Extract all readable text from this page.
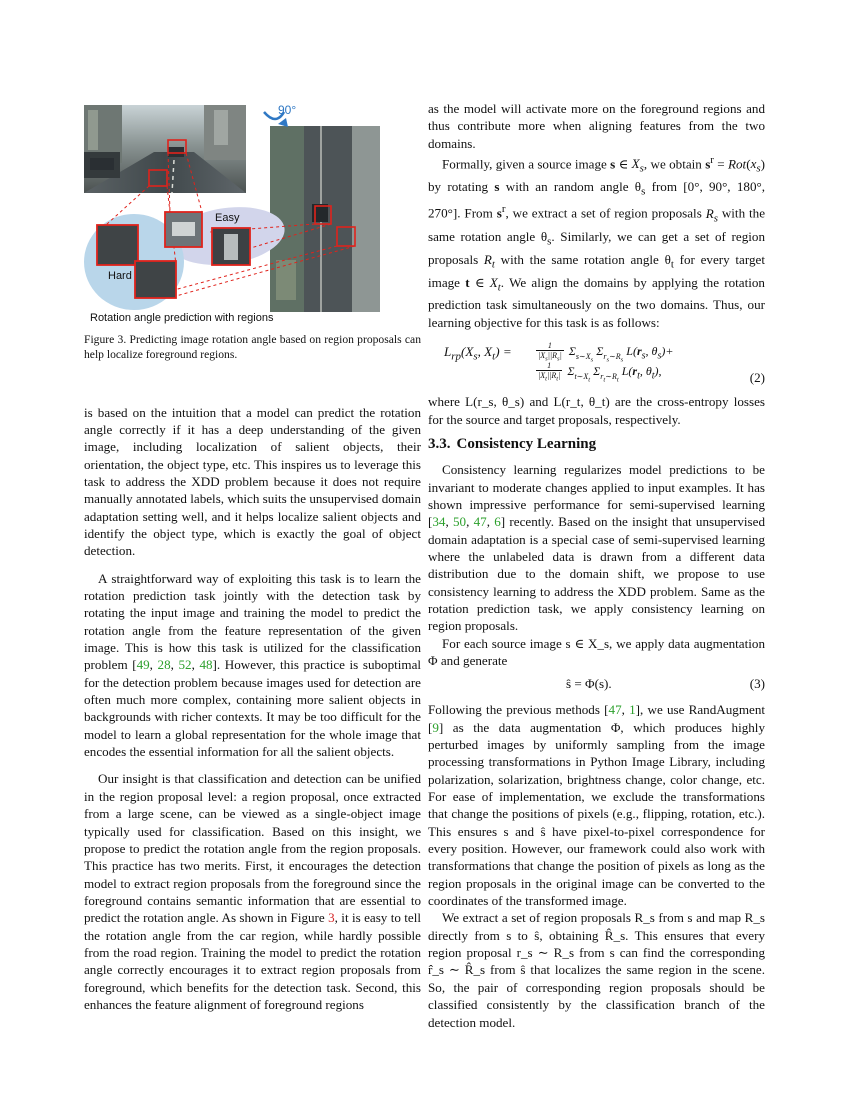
90°
Easy
Hard
Rotation angle prediction with regions

Figure 3. Predicting image rotation angle based on region proposals can help localize foreground regions.

is based on the intuition that a model can predict the rotation angle correctly if it has a deep understanding of the given image, including localization of salient objects, their orientation, the object type, etc. This inspires us to leverage this task to address the XDD problem because it does not require manually annotated labels, which suits the unsupervised domain adaptation setting well, and it helps localize salient objects and identify the object type, which is exactly the goal of object detection.

A straightforward way of exploiting this task is to learn the rotation prediction task jointly with the detection task by rotating the input image and training the model to predict the rotation angle from the feature representation of the given image. This is how this task is utilized for the classification problem [49, 28, 52, 48]. However, this practice is suboptimal for the detection problem because images used for detection are often much more complex, containing more salient objects in backgrounds with richer contexts. It may be too difficult for the model to learn a global representation for the whole image that encodes the essential information for all the salient objects.

Our insight is that classification and detection can be unified in the region proposal level: a region proposal, once extracted from a large scene, can be viewed as a single-object image typically used for classification. Based on this insight, we propose to predict the rotation angle from the region proposals. This practice has two merits. First, it encourages the detection model to extract region proposals from the foreground since the foreground contains semantic information that are essential to predict the rotation angle. As shown in Figure 3, it is easy to tell the rotation angle from the car region, while hardly possible from the road region. Training the model to predict the rotation angle correctly encourages it to extract region proposals from foreground, which benefits for the detection task. Second, this enhances the feature alignment of foreground regions

as the model will activate more on the foreground regions and thus contribute more when aligning features from the two domains.

Formally, given a source image s ∈ $X_s$, we obtain $s^r = Rot(x_s)$ by rotating s with an random angle $\theta_s$ from [0°, 90°, 180°, 270°]. From $s^r$, we extract a set of region proposals $R_s$ with the same rotation angle $\theta_s$. Similarly, we can get a set of region proposals $R_t$ with the same rotation angle $\theta_t$ for every target image t ∈ $X_t$. We align the domains by applying the rotation prediction task simultaneously on the two domains. Thus, our learning objective for this task is as follows:

$L_{rp}(X_s$, $X_t$) =	$\frac{1}{|X_s||R_s|} \Sigma_{s\sim X_s}$ $\Sigma_{r_s\sim R_s}$ $L(r_s$, $\theta_s)+$
$\frac{1}{|X_t||R_t|} \Sigma_{t\sim X_t}$ $\Sigma_{r_t\sim R_t}$ $L(r_t$, $\theta_t$),	(2)

where L(r_s, θ_s) and L(r_t, θ_t) are the cross-entropy losses for the source and target proposals, respectively.

3.3. Consistency Learning

Consistency learning regularizes model predictions to be invariant to moderate changes applied to input examples. It has shown impressive performance for semi-supervised learning [34, 50, 47, 6] recently. Based on the insight that unsupervised domain adaptation is a special case of semi-supervised learning where the unlabeled data is drawn from a different data distribution due to the domain shift, we propose to use consistency learning to address the XDD problem. Same as the rotation prediction task, we apply consistency learning on region proposals.

For each source image s ∈ X_s, we apply data augmentation Φ and generate

ŝ = Φ(s).	(3)

Following the previous methods [47, 1], we use RandAugment [9] as the data augmentation Φ, which produces highly perturbed images by uniformly sampling from the image processing transformations in Python Image Library, including polarization, solarization, brightness change, color change, etc. For ease of implementation, we exclude the transformations that change the positions of pixels (e.g., flipping, rotation, etc.). This ensures s and ŝ have pixel-to-pixel correspondence for every position. However, our framework could also work with transformations that change the position of pixels as long as the region proposals in the original image can be converted to the coordinates of the transformed image.

We extract a set of region proposals R_s from s and map R_s directly from s to ŝ, obtaining R̂_s. This ensures that every region proposal r_s ∼ R_s from s can find the corresponding r̂_s ∼ R̂_s from ŝ that localizes the same region in the scene. So, the pair of corresponding region proposals should be classified consistently by the classification branch of the detection model.
